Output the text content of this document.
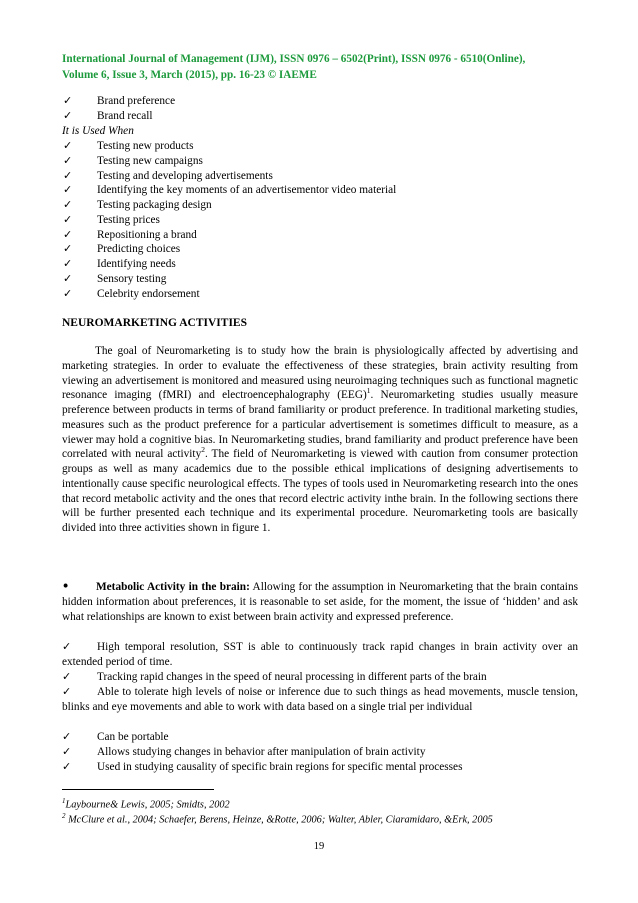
International Journal of Management (IJM), ISSN 0976 – 6502(Print), ISSN 0976 - 6510(Online),
Volume 6, Issue 3, March (2015), pp. 16-23 © IAEME
✓ Brand preference
✓ Brand recall
It is Used When
✓ Testing new products
✓ Testing new campaigns
✓ Testing and developing advertisements
✓ Identifying the key moments of an advertisementor video material
✓ Testing packaging design
✓ Testing prices
✓ Repositioning a brand
✓ Predicting choices
✓ Identifying needs
✓ Sensory testing
✓ Celebrity endorsement
NEUROMARKETING ACTIVITIES

The goal of Neuromarketing is to study how the brain is physiologically affected by advertising and marketing strategies. In order to evaluate the effectiveness of these strategies, brain activity resulting from viewing an advertisement is monitored and measured using neuroimaging techniques such as functional magnetic resonance imaging (fMRI) and electroencephalography (EEG)$^1$. Neuromarketing studies usually measure preference between products in terms of brand familiarity or product preference. In traditional marketing studies, measures such as the product preference for a particular advertisement is sometimes difficult to measure, as a viewer may hold a cognitive bias. In Neuromarketing studies, brand familiarity and product preference have been correlated with neural activity$^2$. The field of Neuromarketing is viewed with caution from consumer protection groups as well as many academics due to the possible ethical implications of designing advertisements to intentionally cause specific neurological effects. The types of tools used in Neuromarketing research into the ones that record metabolic activity and the ones that record electric activity inthe brain. In the following sections there will be further presented each technique and its experimental procedure. Neuromarketing tools are basically divided into three activities shown in figure 1.

• Metabolic Activity in the brain: Allowing for the assumption in Neuromarketing that the brain contains hidden information about preferences, it is reasonable to set aside, for the moment, the issue of ‘hidden’ and ask what relationships are known to exist between brain activity and expressed preference.

✓ High temporal resolution, SST is able to continuously track rapid changes in brain activity over an extended period of time.

✓ Tracking rapid changes in the speed of neural processing in different parts of the brain

✓ Able to tolerate high levels of noise or inference due to such things as head movements, muscle tension, blinks and eye movements and able to work with data based on a single trial per individual

✓ Can be portable

✓ Allows studying changes in behavior after manipulation of brain activity

✓ Used in studying causality of specific brain regions for specific mental processes

$^1$Laybourne& Lewis, 2005; Smidts, 2002
$^2$ McClure et al., 2004; Schaefer, Berens, Heinze, &Rotte, 2006; Walter, Abler, Ciaramidaro, &Erk, 2005
19
